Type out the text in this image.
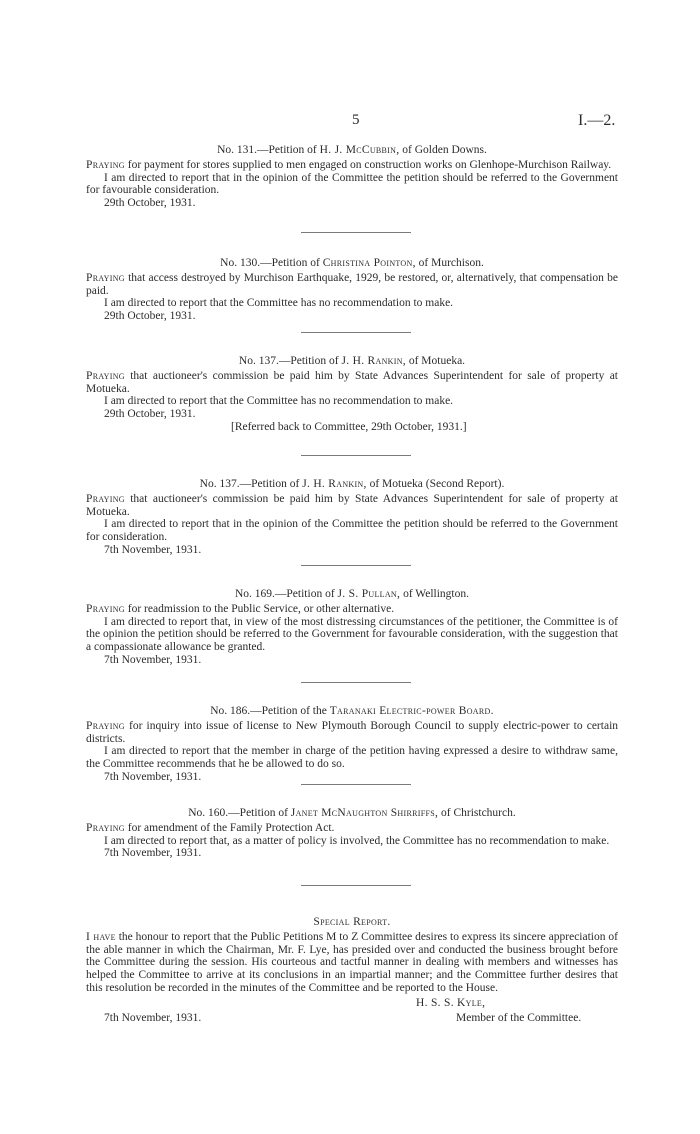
5	I.—2.

No. 131.—Petition of H. J. McCubbin, of Golden Downs.

Praying for payment for stores supplied to men engaged on construction works on Glenhope-Murchison Railway.

I am directed to report that in the opinion of the Committee the petition should be referred to the Government for favourable consideration.

29th October, 1931.

No. 130.—Petition of Christina Pointon, of Murchison.

Praying that access destroyed by Murchison Earthquake, 1929, be restored, or, alternatively, that compensation be paid.

I am directed to report that the Committee has no recommendation to make.

29th October, 1931.

No. 137.—Petition of J. H. Rankin, of Motueka.

Praying that auctioneer's commission be paid him by State Advances Superintendent for sale of property at Motueka.

I am directed to report that the Committee has no recommendation to make.

29th October, 1931.

[Referred back to Committee, 29th October, 1931.]

No. 137.—Petition of J. H. Rankin, of Motueka (Second Report).

Praying that auctioneer's commission be paid him by State Advances Superintendent for sale of property at Motueka.

I am directed to report that in the opinion of the Committee the petition should be referred to the Government for consideration.

7th November, 1931.

No. 169.—Petition of J. S. Pullan, of Wellington.

Praying for readmission to the Public Service, or other alternative.

I am directed to report that, in view of the most distressing circumstances of the petitioner, the Committee is of the opinion the petition should be referred to the Government for favourable consideration, with the suggestion that a compassionate allowance be granted.

7th November, 1931.

No. 186.—Petition of the Taranaki Electric-power Board.

Praying for inquiry into issue of license to New Plymouth Borough Council to supply electric-power to certain districts.

I am directed to report that the member in charge of the petition having expressed a desire to withdraw same, the Committee recommends that he be allowed to do so.

7th November, 1931.

No. 160.—Petition of Janet McNaughton Shirriffs, of Christchurch.

Praying for amendment of the Family Protection Act.

I am directed to report that, as a matter of policy is involved, the Committee has no recommendation to make.

7th November, 1931.

Special Report.

I have the honour to report that the Public Petitions M to Z Committee desires to express its sincere appreciation of the able manner in which the Chairman, Mr. F. Lye, has presided over and conducted the business brought before the Committee during the session. His courteous and tactful manner in dealing with members and witnesses has helped the Committee to arrive at its conclusions in an impartial manner; and the Committee further desires that this resolution be recorded in the minutes of the Committee and be reported to the House.

H. S. S. Kyle,
7th November, 1931.	Member of the Committee.
